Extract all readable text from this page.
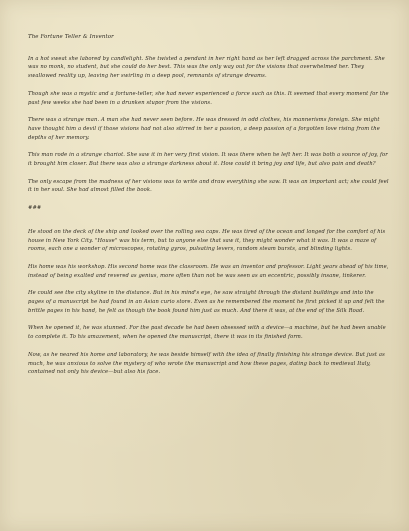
The Fortune Teller & Inventor

In a hot sweat she labored by candlelight. She twisted a pendant in her right hand as her left dragged across the parchment. She was no monk, no student, but she could do her best. This was the only way out for the visions that overwhelmed her. They swallowed reality up, leaving her swirling in a deep pool, remnants of strange dreams.

Though she was a mystic and a fortune-teller, she had never experienced a force such as this. It seemed that every moment for the past few weeks she had been in a drunken stupor from the visions.

There was a strange man. A man she had never seen before. He was dressed in odd clothes, his mannerisms foreign. She might have thought him a devil if those visions had not also stirred in her a passion, a deep passion of a forgotten love rising from the depths of her memory.

This man rode in a strange chariot. She saw it in her very first vision. It was there when he left her. It was both a source of joy, for it brought him closer. But there was also a strange darkness about it. How could it bring joy and life, but also pain and death?

The only escape from the madness of her visions was to write and draw everything she saw. It was an important act; she could feel it in her soul. She had almost filled the book.

###

He stood on the deck of the ship and looked over the rolling sea caps. He was tired of the ocean and longed for the comfort of his house in New York City. "House" was his term, but to anyone else that saw it, they might wonder what it was. It was a maze of rooms, each one a wonder of microscopes, rotating gyros, pulsating levers, random steam bursts, and blinding lights.

His home was his workshop. His second home was the classroom. He was an inventor and professor. Light years ahead of his time, instead of being exalted and revered as genius, more often than not he was seen as an eccentric, possibly insane, tinkerer.

He could see the city skyline in the distance. But in his mind's eye, he saw straight through the distant buildings and into the pages of a manuscript he had found in an Asian curio store. Even as he remembered the moment he first picked it up and felt the brittle pages in his hand, he felt as though the book found him just as much. And there it was, at the end of the Silk Road.

When he opened it, he was stunned. For the past decade he had been obsessed with a device—a machine, but he had been unable to complete it. To his amazement, when he opened the manuscript, there it was in its finished form.

Now, as he neared his home and laboratory, he was beside himself with the idea of finally finishing his strange device. But just as much, he was anxious to solve the mystery of who wrote the manuscript and how these pages, dating back to medieval Italy, contained not only his device—but also his face.
